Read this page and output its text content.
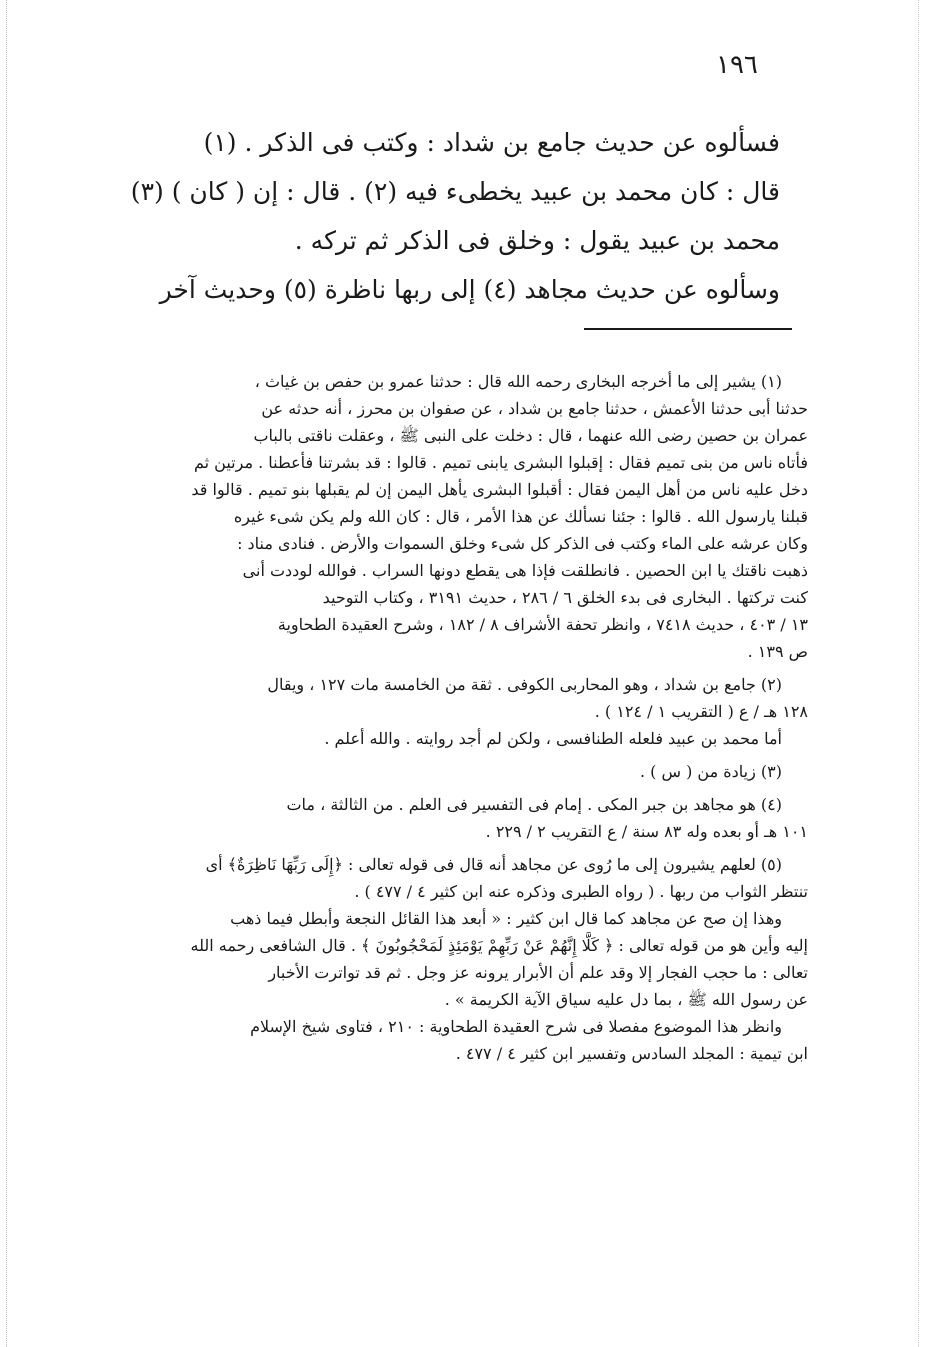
١٩٦
فسألوه عن حديث جامع بن شداد : وكتب فى الذكر . (١)
قال : كان محمد بن عبيد يخطىء فيه (٢) . قال : إن ( كان ) (٣)
محمد بن عبيد يقول : وخلق فى الذكر ثم تركه .
وسألوه عن حديث مجاهد (٤) إلى ربها ناظرة (٥) وحديث آخر
(١) يشير إلى ما أخرجه البخارى رحمه الله قال : حدثنا عمرو بن حفص بن غياث ،
حدثنا أبى حدثنا الأعمش ، حدثنا جامع بن شداد ، عن صفوان بن محرز ، أنه حدثه عن
عمران بن حصين رضى الله عنهما ، قال : دخلت على النبى ﷺ ، وعقلت ناقتى بالباب
فأتاه ناس من بنى تميم فقال : إقبلوا البشرى يابنى تميم . قالوا : قد بشرتنا فأعطنا . مرتين ثم
دخل عليه ناس من أهل اليمن فقال : أقبلوا البشرى يأهل اليمن إن لم يقبلها بنو تميم . قالوا قد
قبلنا يارسول الله . قالوا : جئنا نسألك عن هذا الأمر ، قال : كان الله ولم يكن شىء غيره
وكان عرشه على الماء وكتب فى الذكر كل شىء وخلق السموات والأرض . فنادى مناد :
ذهبت ناقتك يا ابن الحصين . فانطلقت فإذا هى يقطع دونها السراب . فوالله لوددت أنى
كنت تركتها . البخارى فى بدء الخلق ٦ / ٢٨٦ ، حديث ٣١٩١ ، وكتاب التوحيد
١٣ / ٤٠٣ ، حديث ٧٤١٨ ، وانظر تحفة الأشراف ٨ / ١٨٢ ، وشرح العقيدة الطحاوية
ص ١٣٩ .
(٢) جامع بن شداد ، وهو المحاربى الكوفى . ثقة من الخامسة مات ١٢٧ ، ويقال
١٢٨ هـ / ع ( التقريب ١ / ١٢٤ ) .
أما محمد بن عبيد فلعله الطنافسى ، ولكن لم أجد روايته . والله أعلم .
(٣) زيادة من ( س ) .
(٤) هو مجاهد بن جبر المكى . إمام فى التفسير فى العلم . من الثالثة ، مات
١٠١ هـ أو بعده وله ٨٣ سنة / ع التقريب ٢ / ٢٢٩ .
(٥) لعلهم يشيرون إلى ما رُوى عن مجاهد أنه قال فى قوله تعالى : ﴿إِلَى رَبِّهَا نَاظِرَةٌ﴾ أى
تنتظر الثواب من ربها . ( رواه الطبرى وذكره عنه ابن كثير ٤ / ٤٧٧ ) .
وهذا إن صح عن مجاهد كما قال ابن كثير : « أبعد هذا القائل النجعة وأبطل فيما ذهب
إليه وأين هو من قوله تعالى : ﴿ كَلَّا إِنَّهُمْ عَنْ رَبِّهِمْ يَوْمَئِذٍ لَمَحْجُوبُونَ ﴾ . قال الشافعى رحمه الله
تعالى : ما حجب الفجار إلا وقد علم أن الأبرار يرونه عز وجل . ثم قد تواترت الأخبار
عن رسول الله ﷺ ، بما دل عليه سياق الآية الكريمة » .
وانظر هذا الموضوع مفصلا فى شرح العقيدة الطحاوية : ٢١٠ ، فتاوى شيخ الإسلام
ابن تيمية : المجلد السادس وتفسير ابن كثير ٤ / ٤٧٧ .
